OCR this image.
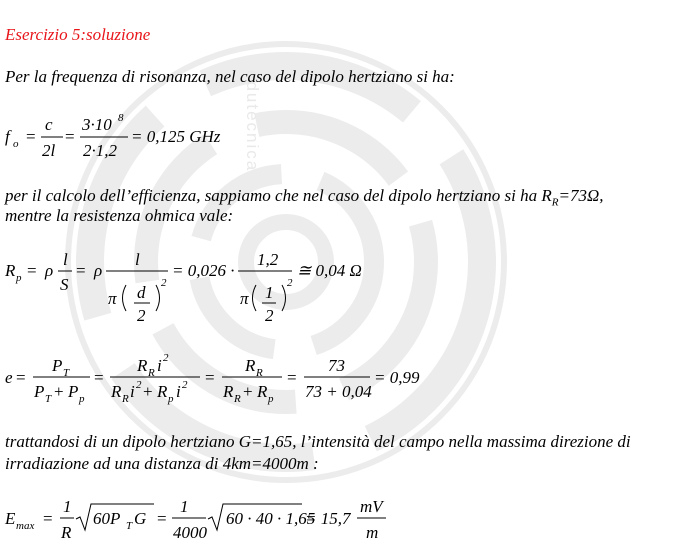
edutecnica
Esercizio 5:soluzione
Per la frequenza di risonanza, nel caso del dipolo hertziano si ha:
f o =
c
2l
=
3·10 8
2·1,2
= 0,125 GHz
per il calcolo dell’efficienza, sappiamo che nel caso del dipolo hertziano si ha $R_R=73\Omega$,
mentre la resistenza ohmica vale:
R p = ρ
l
S
= ρ
l
π d
2
2
= 0,026 ·
1,2
π 1
2
2
≅ 0,04 Ω
e =
P T
P T + P p
=
R R i 2
R R i 2 + R p i 2 =
R R
R R + R p
=
73
73 + 0,04
= 0,99
trattandosi di un dipolo hertziano G=1,65, l’intensità del campo nella massima direzione di
irradiazione ad una distanza di 4km=4000m :
E max =
1
R
60P T G =
1
4000
60 · 40 · 1,65
= 15,7
mV
m
